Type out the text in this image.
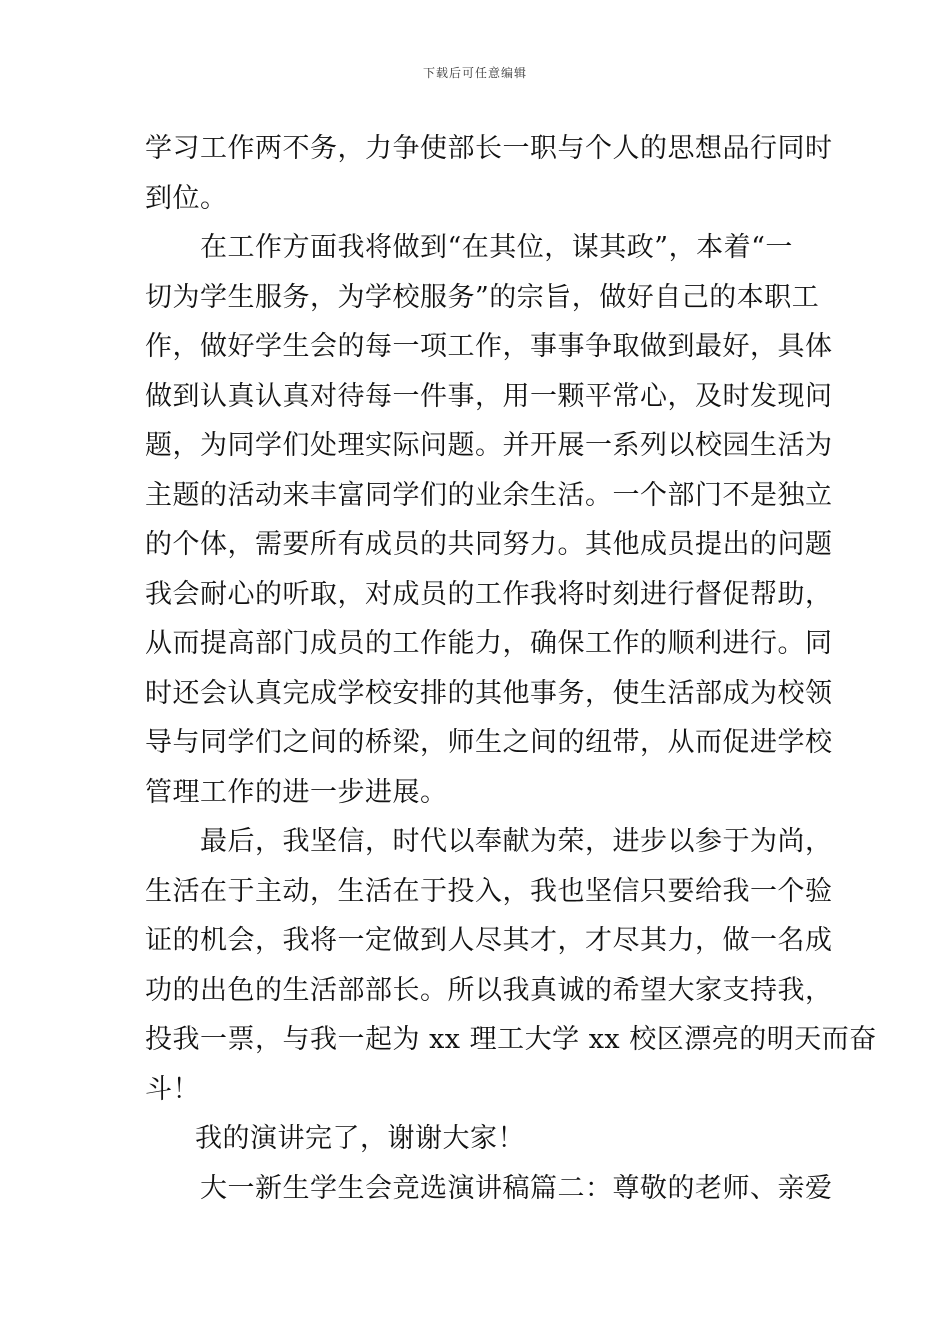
下载后可任意编辑
学习工作两不务，力争使部长一职与个人的思想品行同时
到位。
在工作方面我将做到“在其位，谋其政”，本着“一
切为学生服务，为学校服务”的宗旨，做好自己的本职工
作，做好学生会的每一项工作，事事争取做到最好，具体
做到认真认真对待每一件事，用一颗平常心，及时发现问
题，为同学们处理实际问题。并开展一系列以校园生活为
主题的活动来丰富同学们的业余生活。一个部门不是独立
的个体，需要所有成员的共同努力。其他成员提出的问题
我会耐心的听取，对成员的工作我将时刻进行督促帮助，
从而提高部门成员的工作能力，确保工作的顺利进行。同
时还会认真完成学校安排的其他事务，使生活部成为校领
导与同学们之间的桥梁，师生之间的纽带，从而促进学校
管理工作的进一步进展。
最后，我坚信，时代以奉献为荣，进步以参于为尚，
生活在于主动，生活在于投入，我也坚信只要给我一个验
证的机会，我将一定做到人尽其才，才尽其力，做一名成
功的出色的生活部部长。所以我真诚的希望大家支持我，
投我一票，与我一起为 xx 理工大学 xx 校区漂亮的明天而奋
斗！
我的演讲完了，谢谢大家！
大一新生学生会竞选演讲稿篇二：尊敬的老师、亲爱
